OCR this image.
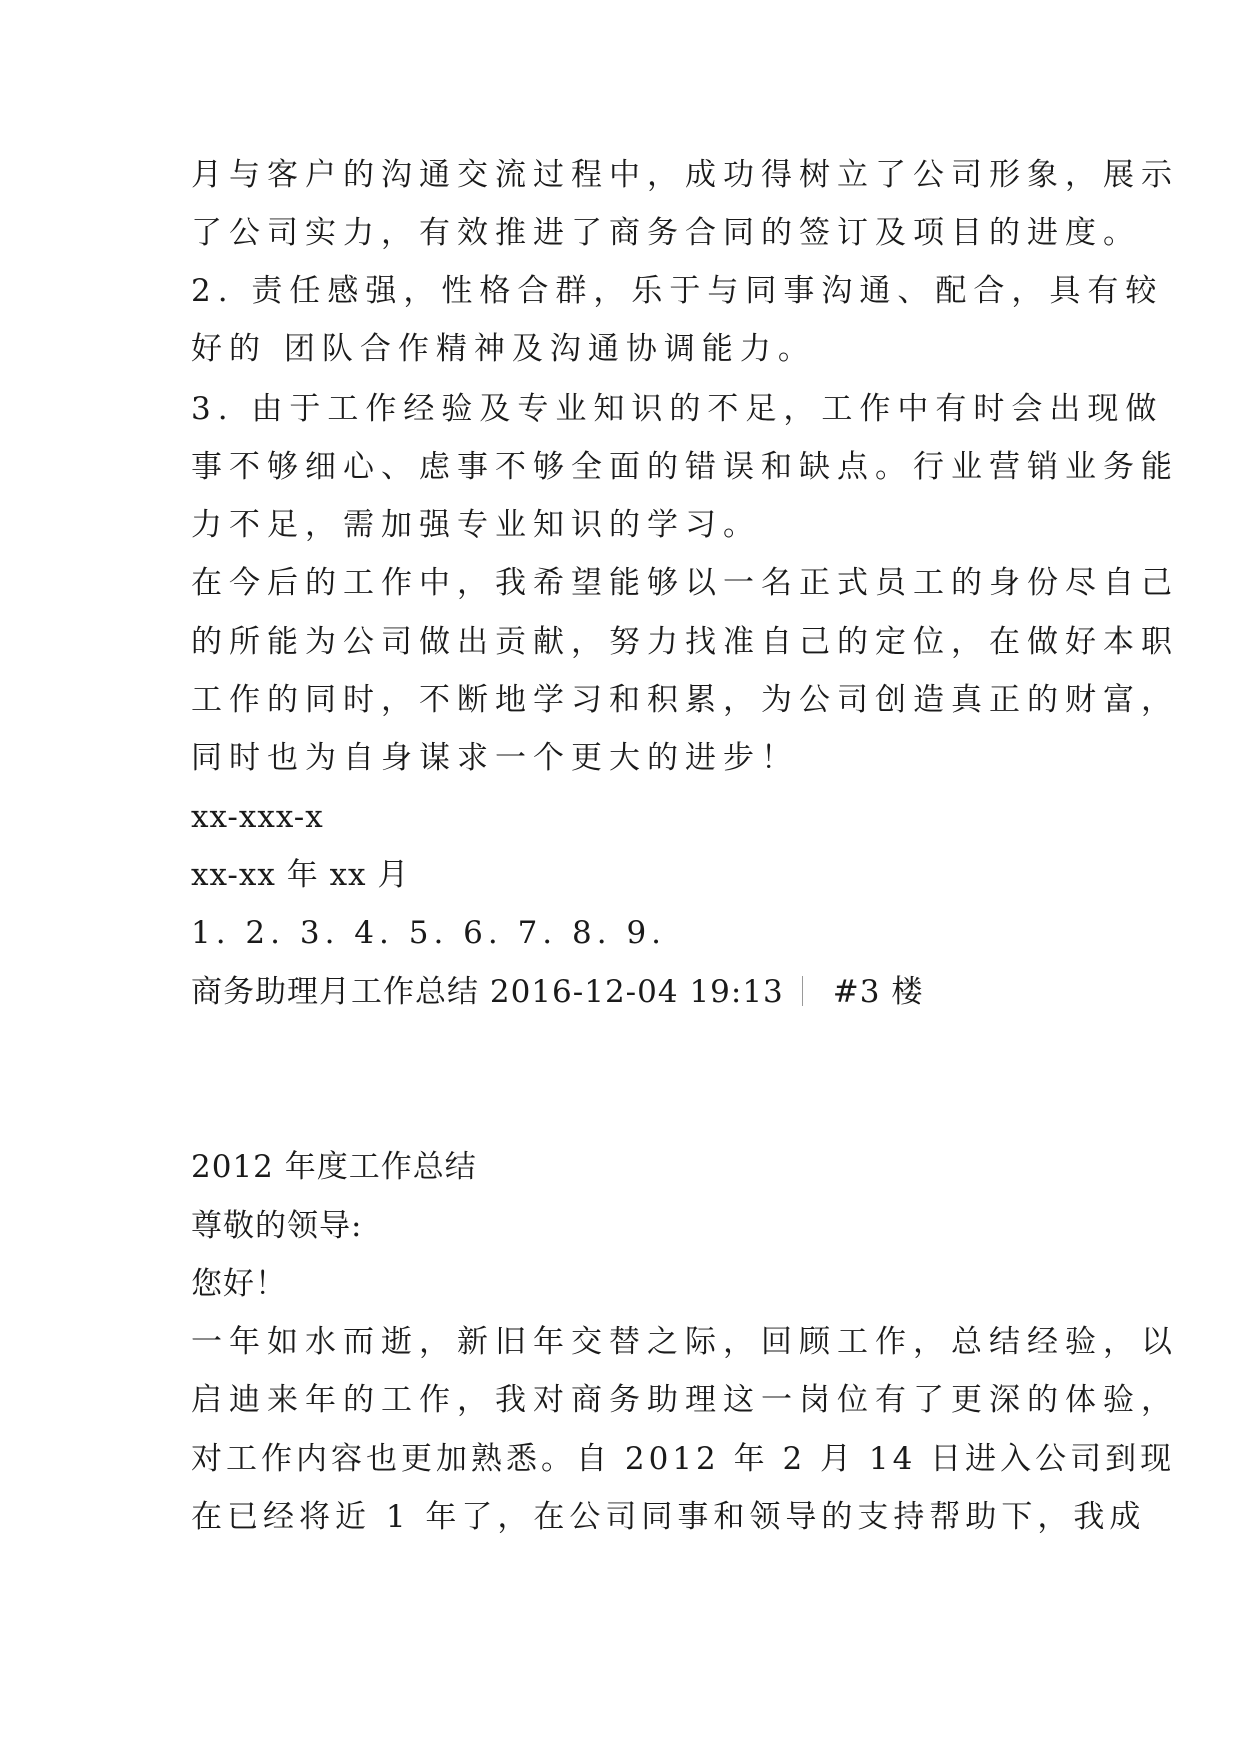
月与客户的沟通交流过程中，成功得树立了公司形象，展示
了公司实力，有效推进了商务合同的签订及项目的进度。
2. 责任感强，性格合群，乐于与同事沟通、配合，具有较
好的 团队合作精神及沟通协调能力。
3. 由于工作经验及专业知识的不足，工作中有时会出现做
事不够细心、虑事不够全面的错误和缺点。行业营销业务能
力不足，需加强专业知识的学习。
在今后的工作中，我希望能够以一名正式员工的身份尽自己
的所能为公司做出贡献，努力找准自己的定位，在做好本职
工作的同时，不断地学习和积累，为公司创造真正的财富，
同时也为自身谋求一个更大的进步！
xx-xxx-x
xx-xx 年 xx 月
1. 2. 3. 4. 5. 6. 7. 8. 9.
商务助理月工作总结 2016-12-04 19:13 #3 楼
2012 年度工作总结
尊敬的领导:
您好！
一年如水而逝，新旧年交替之际，回顾工作，总结经验，以
启迪来年的工作，我对商务助理这一岗位有了更深的体验，
对工作内容也更加熟悉。自 2012 年 2 月 14 日进入公司到现
在已经将近 1 年了，在公司同事和领导的支持帮助下，我成
